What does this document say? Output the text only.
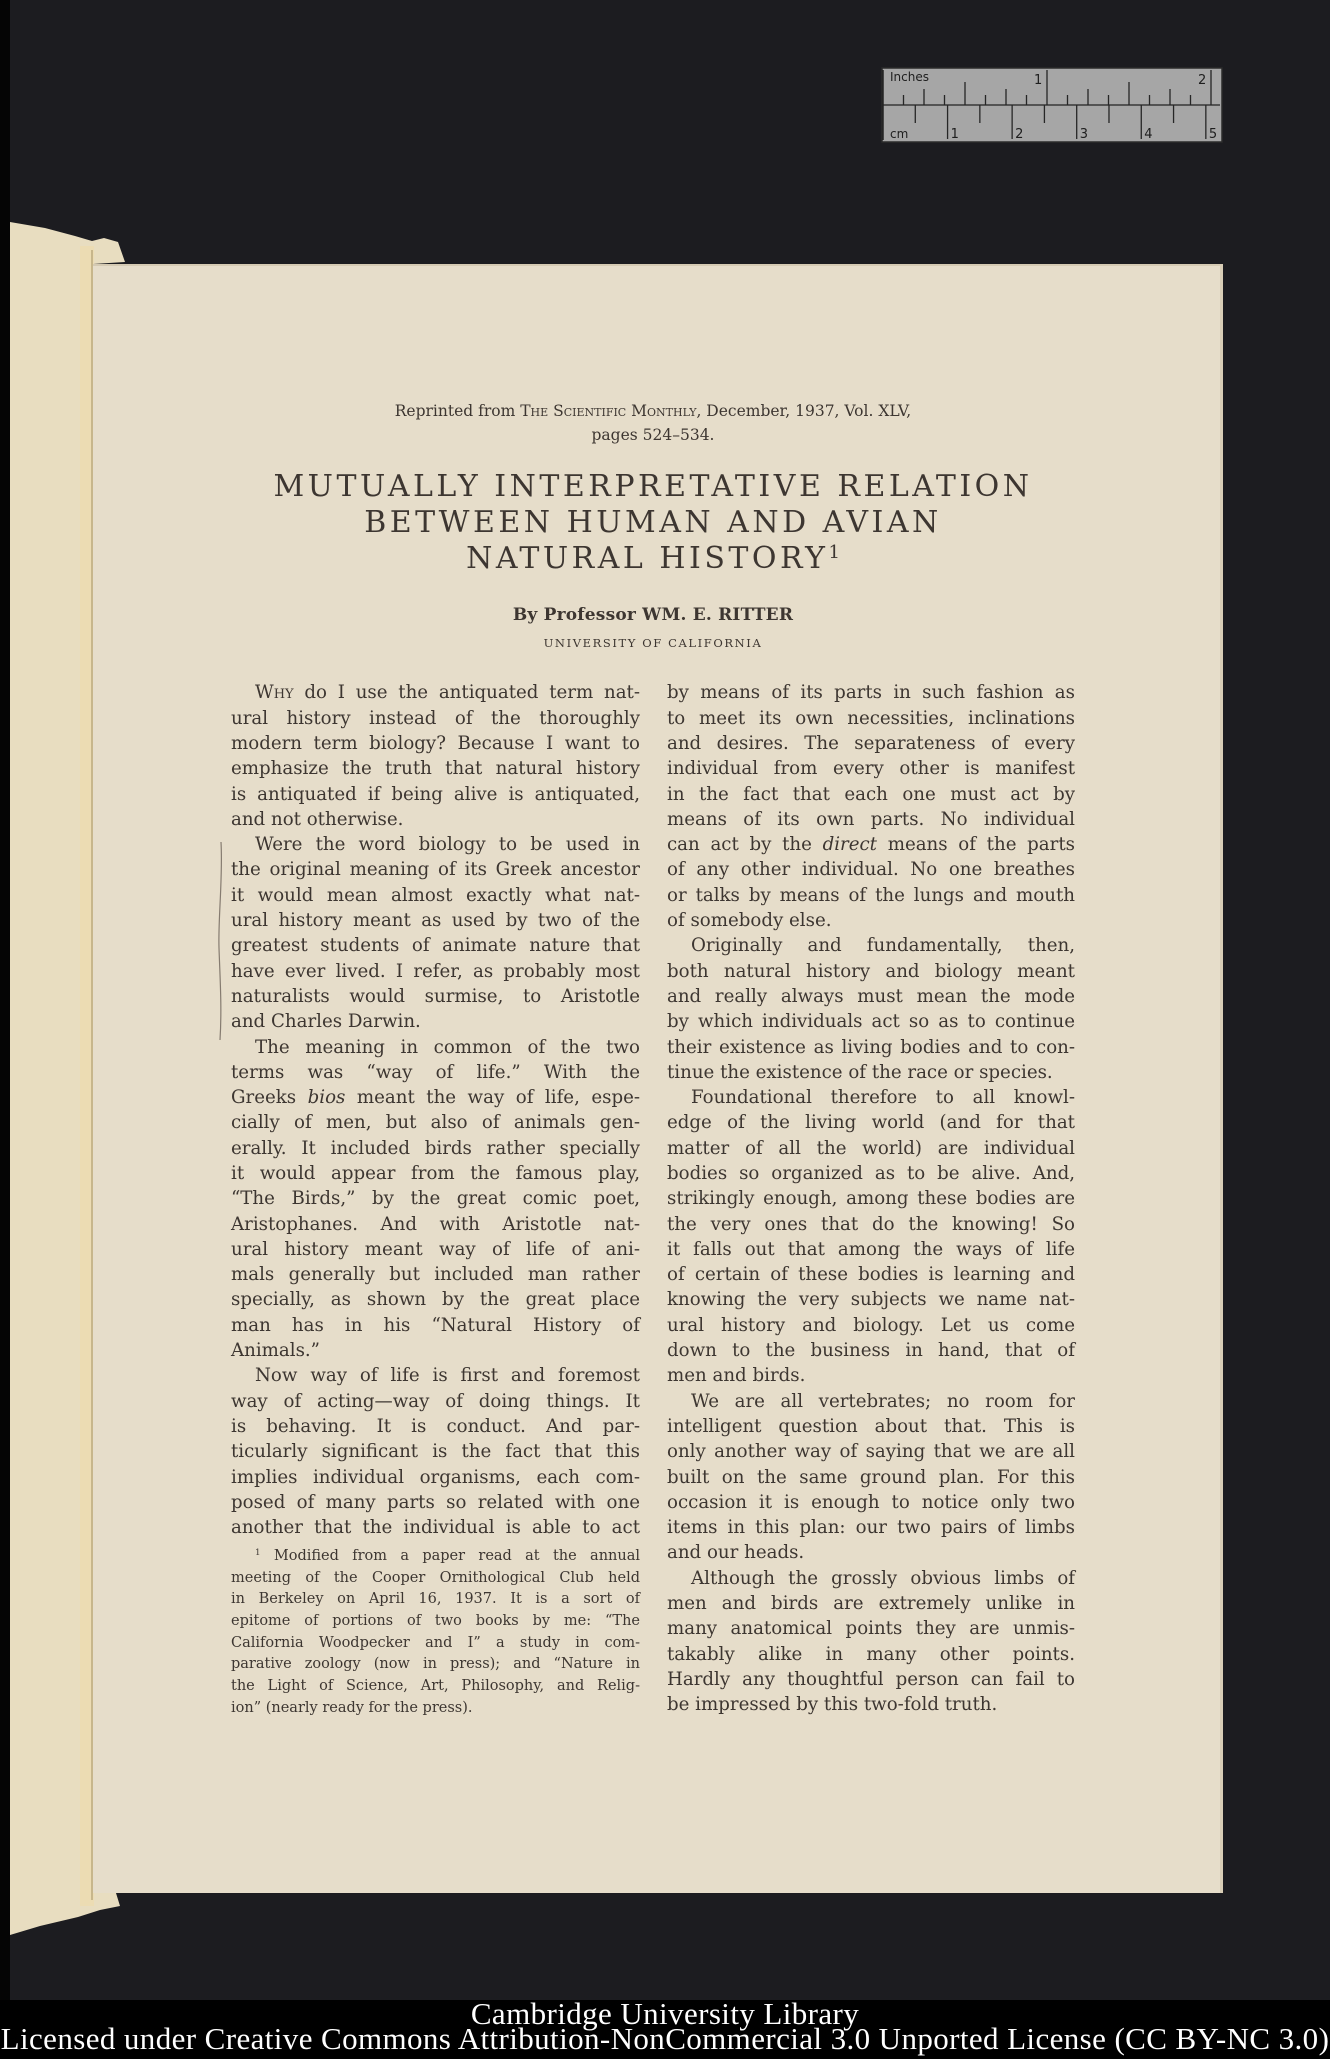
1	2
1	2	3	4	5
Inches
cm
Reprinted from The Scientific Monthly, December, 1937, Vol. XLV,
pages 524–534.
MUTUALLY INTERPRETATIVE RELATION
BETWEEN HUMAN AND AVIAN
NATURAL HISTORY$^1$
By Professor WM. E. RITTER
UNIVERSITY OF CALIFORNIA
Why do I use the antiquated term nat-
ural history instead of the thoroughly
modern term biology? Because I want to
emphasize the truth that natural history
is antiquated if being alive is antiquated,
and not otherwise.
Were the word biology to be used in
the original meaning of its Greek ancestor
it would mean almost exactly what nat-
ural history meant as used by two of the
greatest students of animate nature that
have ever lived. I refer, as probably most
naturalists would surmise, to Aristotle
and Charles Darwin.
The meaning in common of the two
terms was “way of life.” With the
Greeks bios meant the way of life, espe-
cially of men, but also of animals gen-
erally. It included birds rather specially
it would appear from the famous play,
“The Birds,” by the great comic poet,
Aristophanes. And with Aristotle nat-
ural history meant way of life of ani-
mals generally but included man rather
specially, as shown by the great place
man has in his “Natural History of
Animals.”
Now way of life is first and foremost
way of acting—way of doing things. It
is behaving. It is conduct. And par-
ticularly significant is the fact that this
implies individual organisms, each com-
posed of many parts so related with one
another that the individual is able to act
by means of its parts in such fashion as
to meet its own necessities, inclinations
and desires. The separateness of every
individual from every other is manifest
in the fact that each one must act by
means of its own parts. No individual
can act by the direct means of the parts
of any other individual. No one breathes
or talks by means of the lungs and mouth
of somebody else.
Originally and fundamentally, then,
both natural history and biology meant
and really always must mean the mode
by which individuals act so as to continue
their existence as living bodies and to con-
tinue the existence of the race or species.
Foundational therefore to all knowl-
edge of the living world (and for that
matter of all the world) are individual
bodies so organized as to be alive. And,
strikingly enough, among these bodies are
the very ones that do the knowing! So
it falls out that among the ways of life
of certain of these bodies is learning and
knowing the very subjects we name nat-
ural history and biology. Let us come
down to the business in hand, that of
men and birds.
We are all vertebrates; no room for
intelligent question about that. This is
only another way of saying that we are all
built on the same ground plan. For this
occasion it is enough to notice only two
items in this plan: our two pairs of limbs
and our heads.
Although the grossly obvious limbs of
men and birds are extremely unlike in
many anatomical points they are unmis-
takably alike in many other points.
Hardly any thoughtful person can fail to
be impressed by this two-fold truth.
$^1$ Modified from a paper read at the annual
meeting of the Cooper Ornithological Club held
in Berkeley on April 16, 1937. It is a sort of
epitome of portions of two books by me: “The
California Woodpecker and I” a study in com-
parative zoology (now in press); and “Nature in
the Light of Science, Art, Philosophy, and Relig-
ion” (nearly ready for the press).
Cambridge University Library
Licensed under Creative Commons Attribution-NonCommercial 3.0 Unported License (CC BY-NC 3.0)
